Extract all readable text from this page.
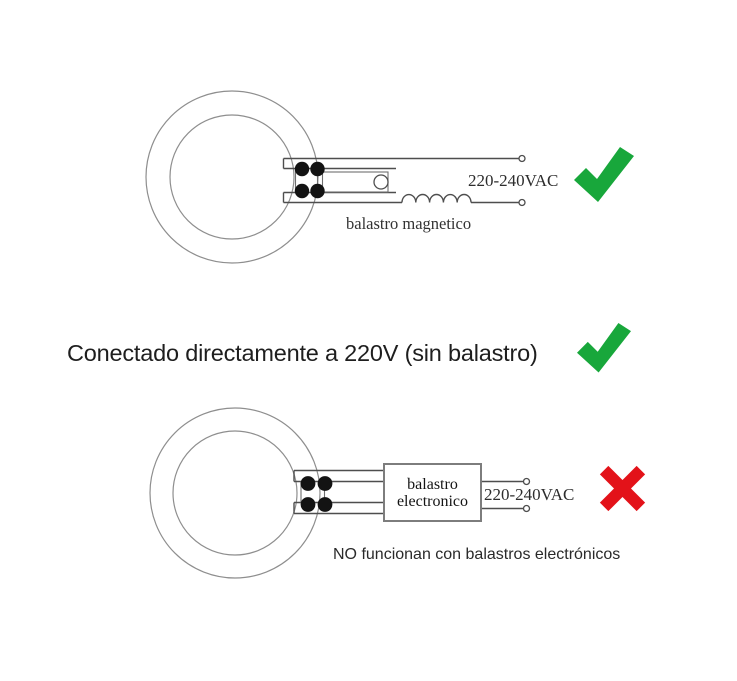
220-240VAC
balastro magnetico
Conectado directamente a 220V (sin balastro)
balastro
electronico 220-240VAC
NO funcionan con balastros electrónicos
